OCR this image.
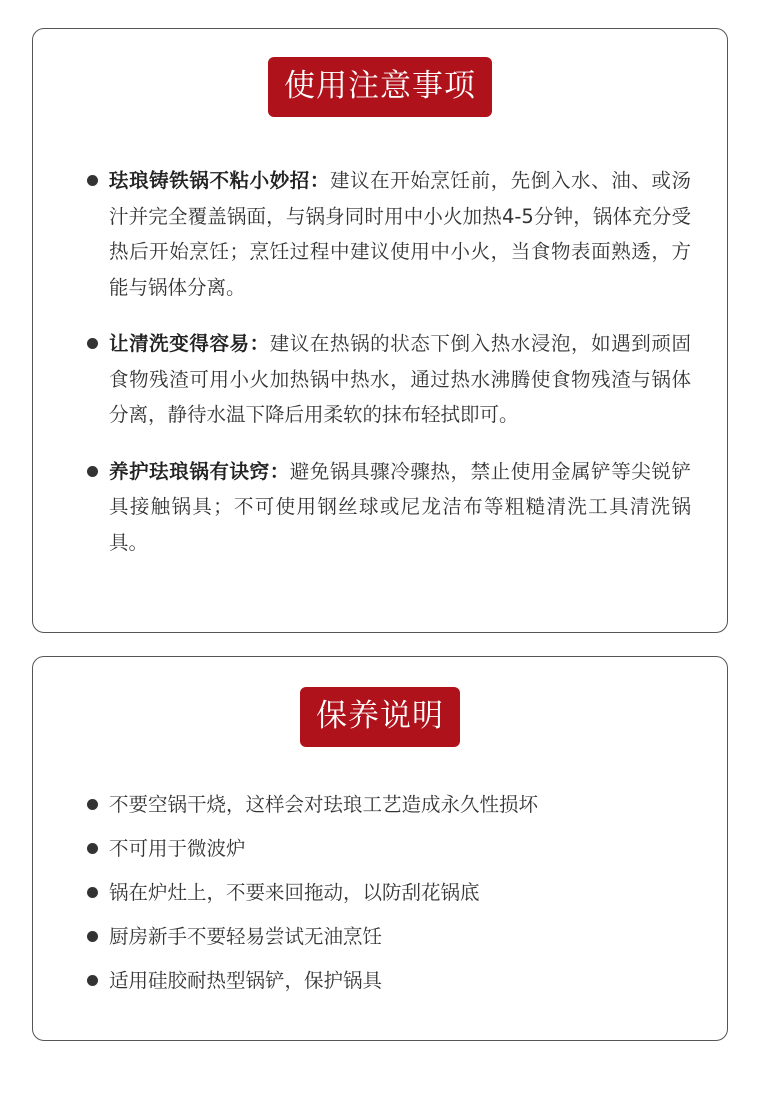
使用注意事项
珐琅铸铁锅不粘小妙招：建议在开始烹饪前，先倒入水、油、或汤汁并完全覆盖锅面，与锅身同时用中小火加热4-5分钟，锅体充分受热后开始烹饪；烹饪过程中建议使用中小火，当食物表面熟透，方能与锅体分离。
让清洗变得容易：建议在热锅的状态下倒入热水浸泡，如遇到顽固食物残渣可用小火加热锅中热水，通过热水沸腾使食物残渣与锅体分离，静待水温下降后用柔软的抹布轻拭即可。
养护珐琅锅有诀窍：避免锅具骤冷骤热，禁止使用金属铲等尖锐铲具接触锅具；不可使用钢丝球或尼龙洁布等粗糙清洗工具清洗锅具。
保养说明
不要空锅干烧，这样会对珐琅工艺造成永久性损坏
不可用于微波炉
锅在炉灶上，不要来回拖动，以防刮花锅底
厨房新手不要轻易尝试无油烹饪
适用硅胶耐热型锅铲，保护锅具
